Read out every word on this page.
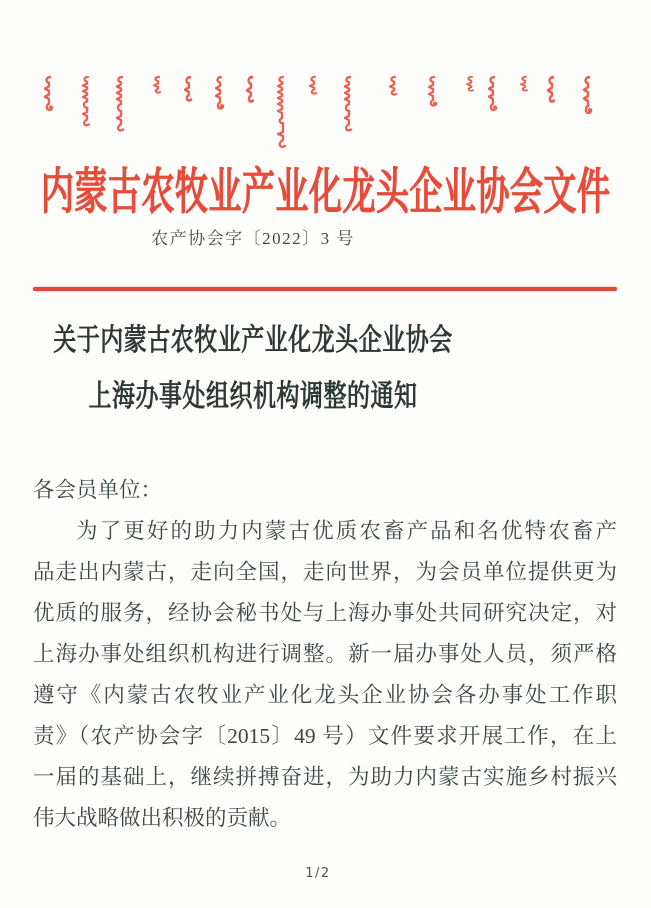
内蒙古农牧业产业化龙头企业协会文件
农产协会字〔2022〕3 号
关于内蒙古农牧业产业化龙头企业协会
上海办事处组织机构调整的通知
各会员单位：
为了更好的助力内蒙古优质农畜产品和名优特农畜产
品走出内蒙古，走向全国，走向世界，为会员单位提供更为
优质的服务，经协会秘书处与上海办事处共同研究决定，对
上海办事处组织机构进行调整。新一届办事处人员，须严格
遵守《内蒙古农牧业产业化龙头企业协会各办事处工作职
责》（农产协会字〔2015〕49 号）文件要求开展工作，在上
一届的基础上，继续拼搏奋进，为助力内蒙古实施乡村振兴
伟大战略做出积极的贡献。
1/2
